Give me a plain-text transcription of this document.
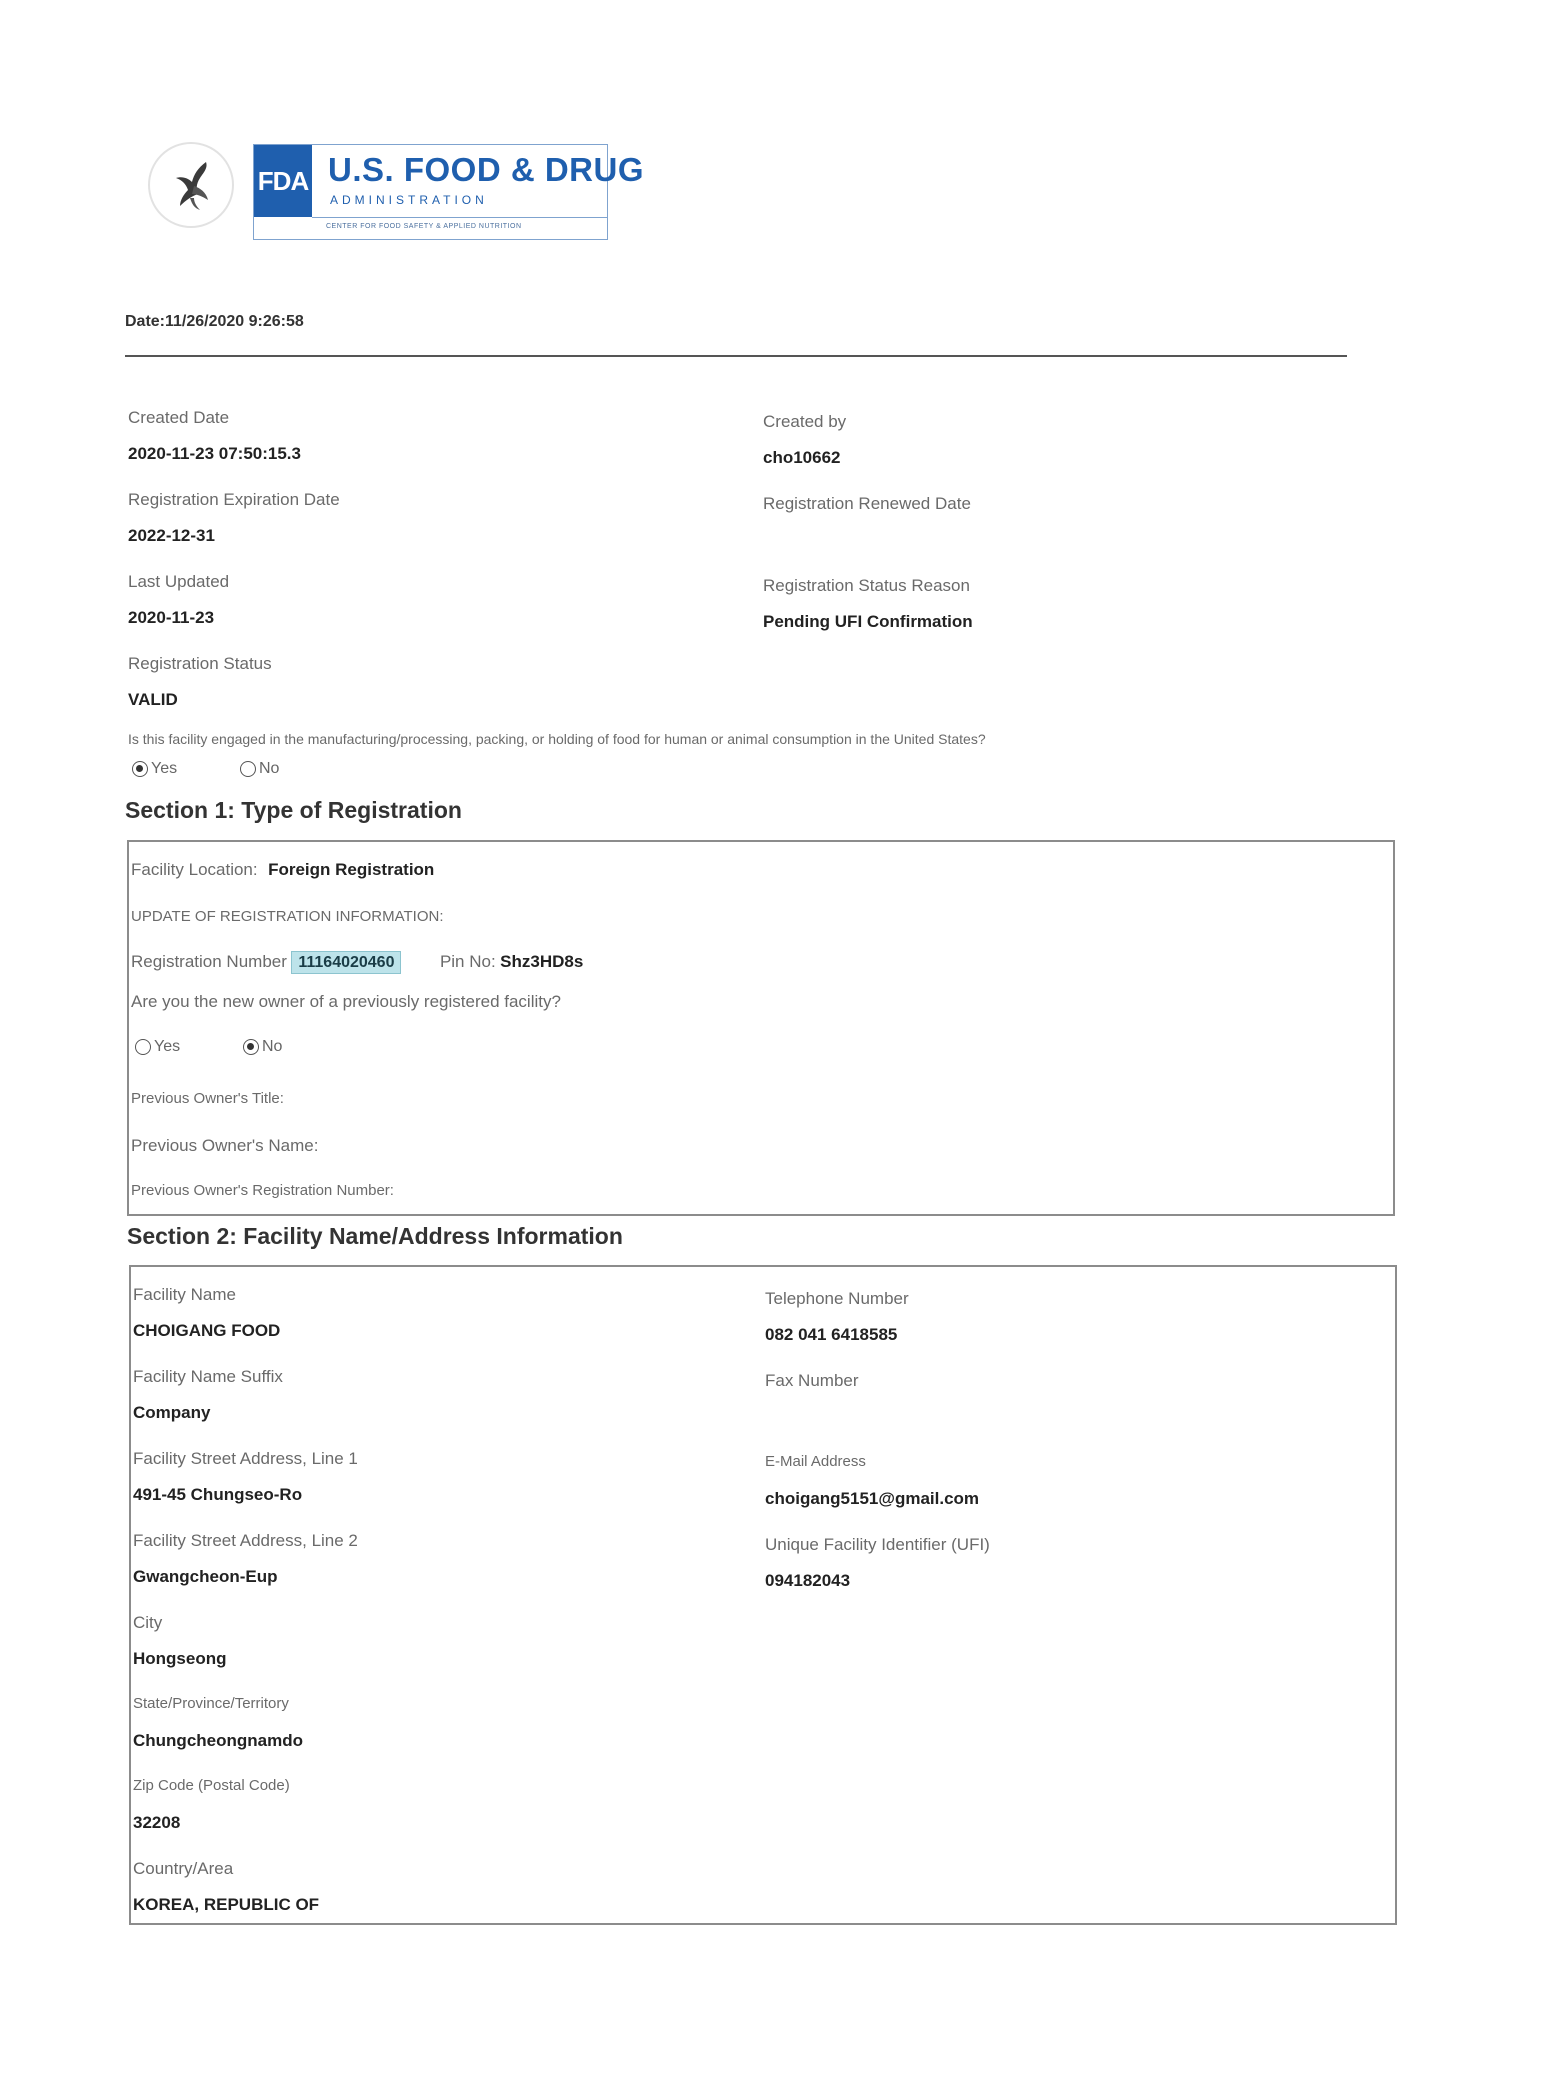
FDA U.S. FOOD & DRUG
ADMINISTRATION
CENTER FOR FOOD SAFETY & APPLIED NUTRITION
Date:11/26/2020 9:26:58
Created Date
2020-11-23 07:50:15.3
Created by
cho10662
Registration Expiration Date
2022-12-31
Registration Renewed Date
Last Updated
2020-11-23
Registration Status Reason
Pending UFI Confirmation
Registration Status
VALID
Is this facility engaged in the manufacturing/processing, packing, or holding of food for human or animal consumption in the United States?
Yes	No
Section 1: Type of Registration
Facility Location: Foreign Registration
UPDATE OF REGISTRATION INFORMATION:
Registration Number 11164020460	Pin No: Shz3HD8s
Are you the new owner of a previously registered facility?
Yes	No
Previous Owner's Title:
Previous Owner's Name:
Previous Owner's Registration Number:
Section 2: Facility Name/Address Information
Facility Name
CHOIGANG FOOD
Facility Name Suffix
Company
Facility Street Address, Line 1
491-45 Chungseo-Ro
Facility Street Address, Line 2
Gwangcheon-Eup
City
Hongseong
State/Province/Territory
Chungcheongnamdo
Zip Code (Postal Code)
32208
Country/Area
KOREA, REPUBLIC OF
Telephone Number
082 041 6418585
Fax Number
E-Mail Address
choigang5151@gmail.com
Unique Facility Identifier (UFI)
094182043
